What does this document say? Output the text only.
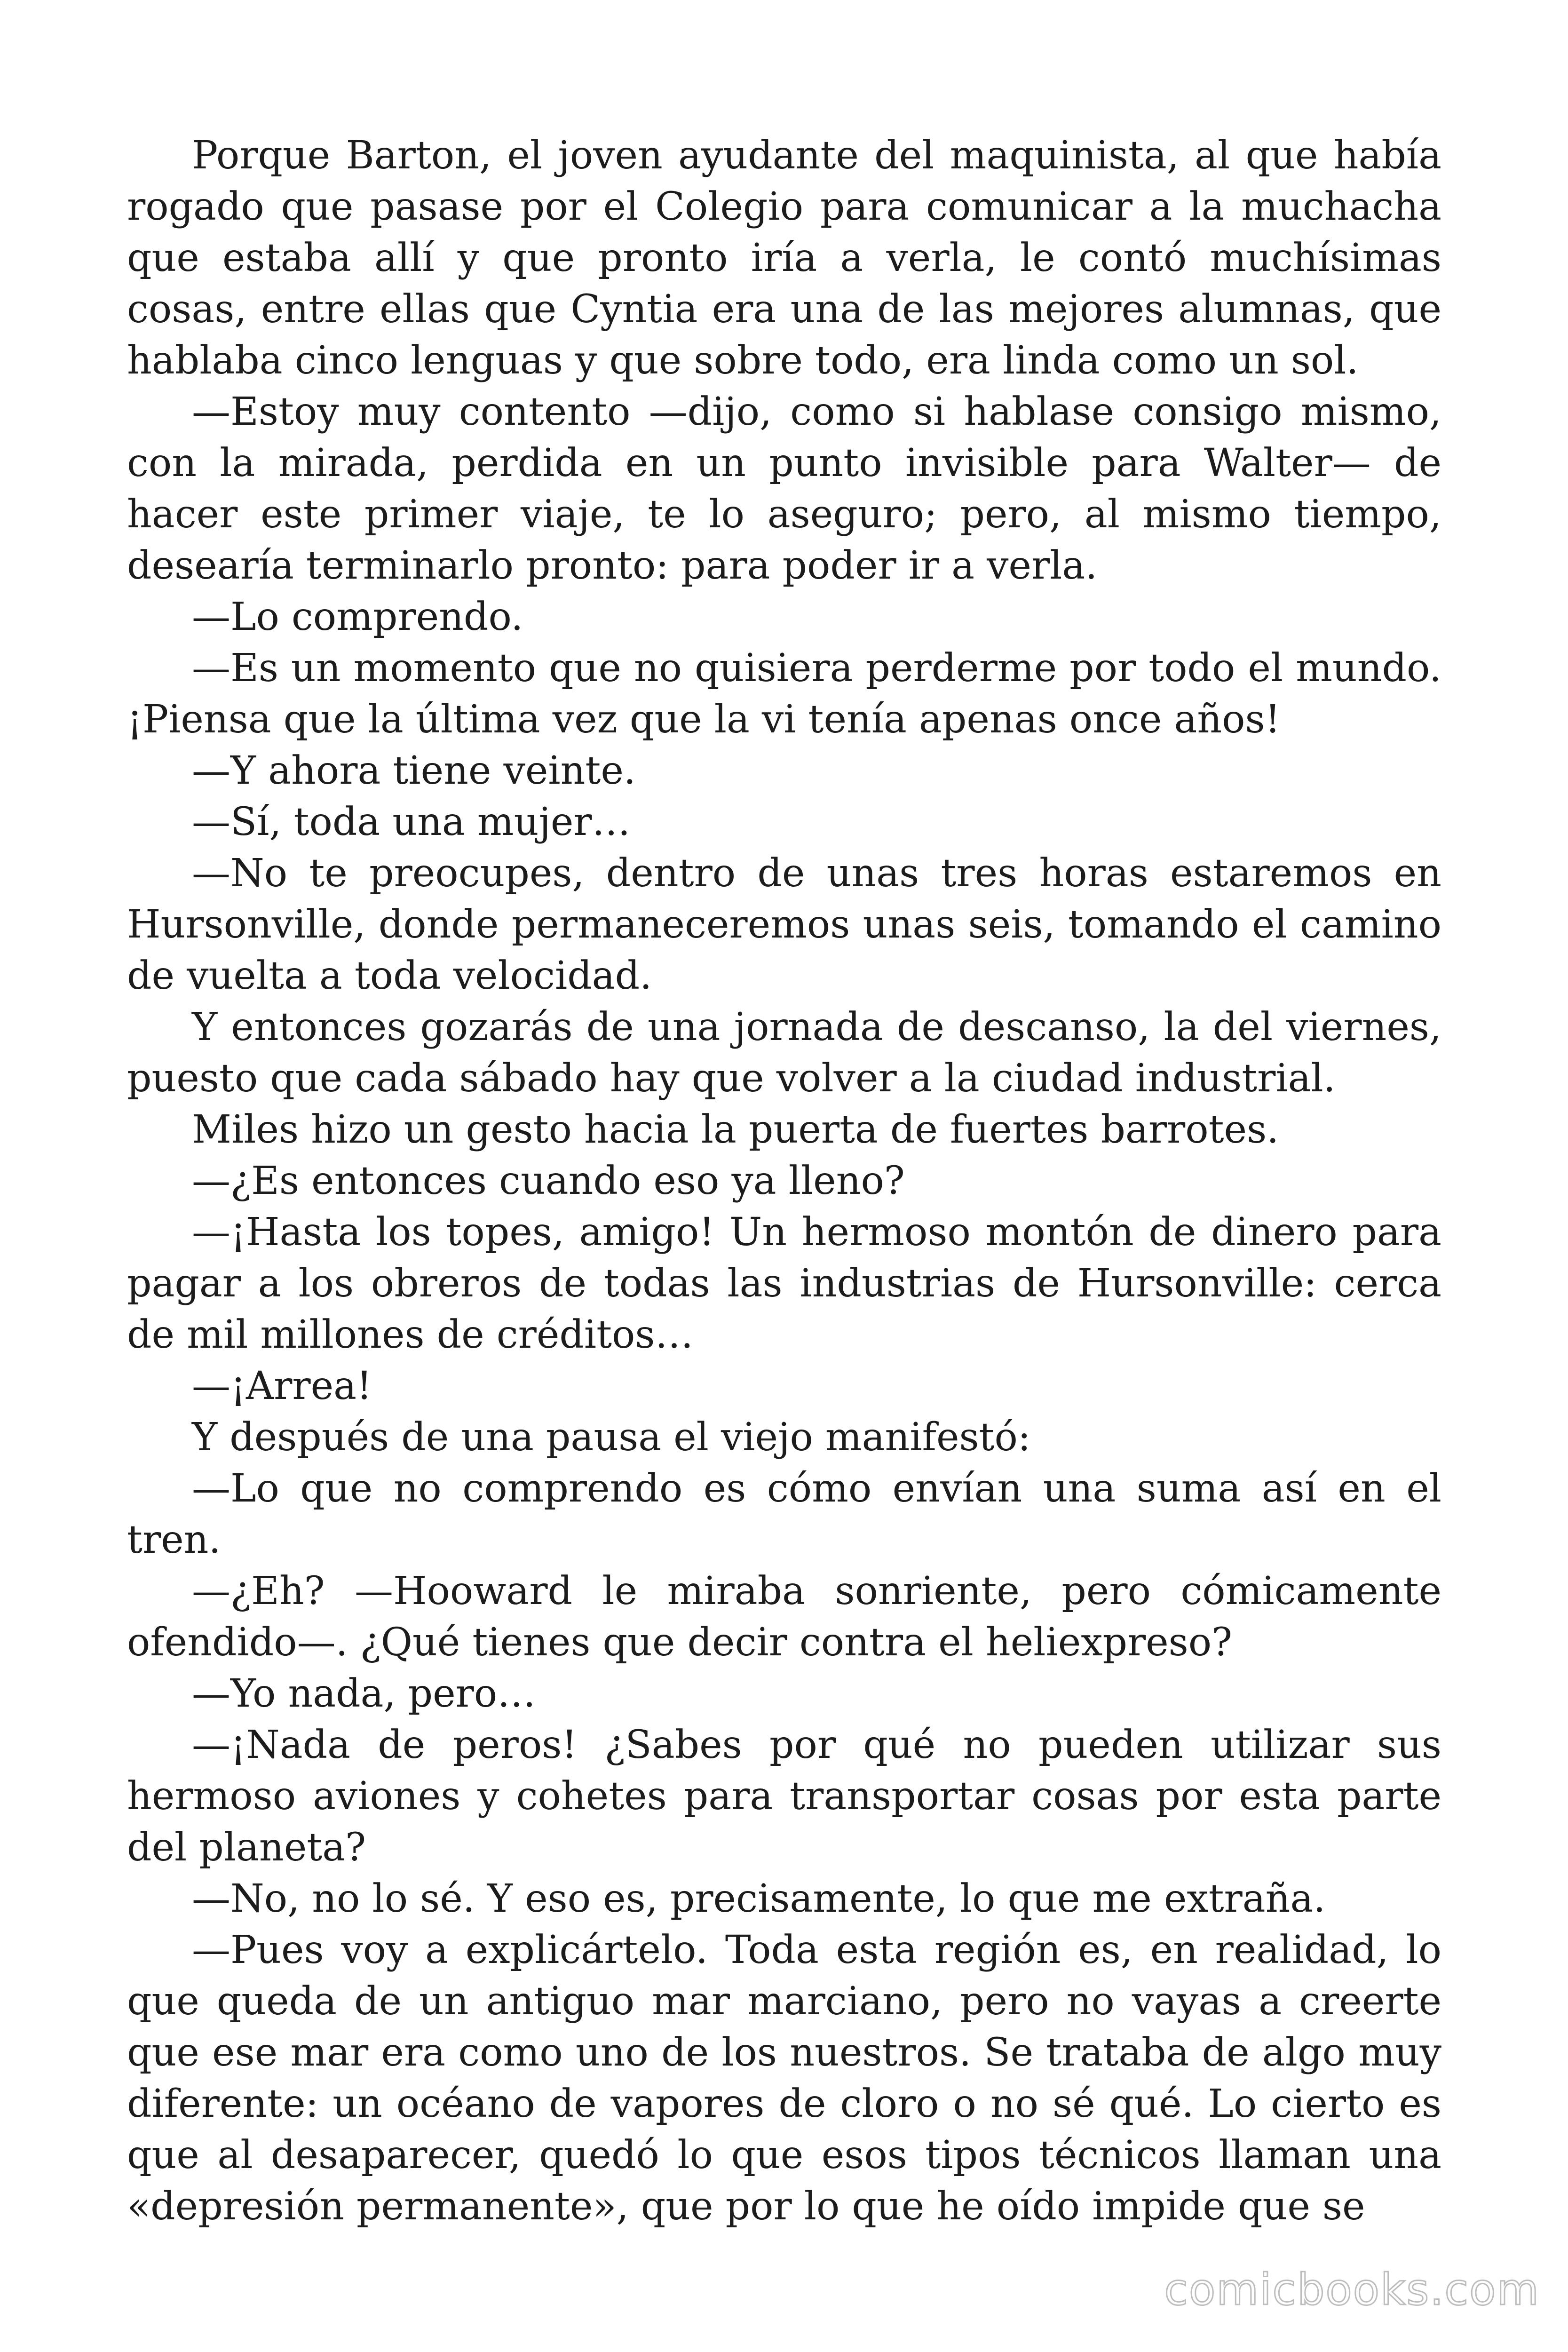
Porque Barton, el joven ayudante del maquinista, al que había rogado que pasase por el Colegio para comunicar a la muchacha que estaba allí y que pronto iría a verla, le contó muchísimas cosas, entre ellas que Cyntia era una de las mejores alumnas, que hablaba cinco lenguas y que sobre todo, era linda como un sol.

—Estoy muy contento —dijo, como si hablase consigo mismo, con la mirada, perdida en un punto invisible para Walter— de hacer este primer viaje, te lo aseguro; pero, al mismo tiempo, desearía terminarlo pronto: para poder ir a verla.

—Lo comprendo.

—Es un momento que no quisiera perderme por todo el mundo. ¡Piensa que la última vez que la vi tenía apenas once años!

—Y ahora tiene veinte.

—Sí, toda una mujer…

—No te preocupes, dentro de unas tres horas estaremos en Hursonville, donde permaneceremos unas seis, tomando el camino de vuelta a toda velocidad.

Y entonces gozarás de una jornada de descanso, la del viernes, puesto que cada sábado hay que volver a la ciudad industrial.

Miles hizo un gesto hacia la puerta de fuertes barrotes.

—¿Es entonces cuando eso ya lleno?

—¡Hasta los topes, amigo! Un hermoso montón de dinero para pagar a los obreros de todas las industrias de Hursonville: cerca de mil millones de créditos…

—¡Arrea!

Y después de una pausa el viejo manifestó:

—Lo que no comprendo es cómo envían una suma así en el tren.

—¿Eh? —Hooward le miraba sonriente, pero cómicamente ofendido—. ¿Qué tienes que decir contra el heliexpreso?

—Yo nada, pero…

—¡Nada de peros! ¿Sabes por qué no pueden utilizar sus hermoso aviones y cohetes para transportar cosas por esta parte del planeta?

—No, no lo sé. Y eso es, precisamente, lo que me extraña.

—Pues voy a explicártelo. Toda esta región es, en realidad, lo que queda de un antiguo mar marciano, pero no vayas a creerte que ese mar era como uno de los nuestros. Se trataba de algo muy diferente: un océano de vapores de cloro o no sé qué. Lo cierto es que al desaparecer, quedó lo que esos tipos técnicos llaman una «depresión permanente», que por lo que he oído impide que se

comicbooks.com
